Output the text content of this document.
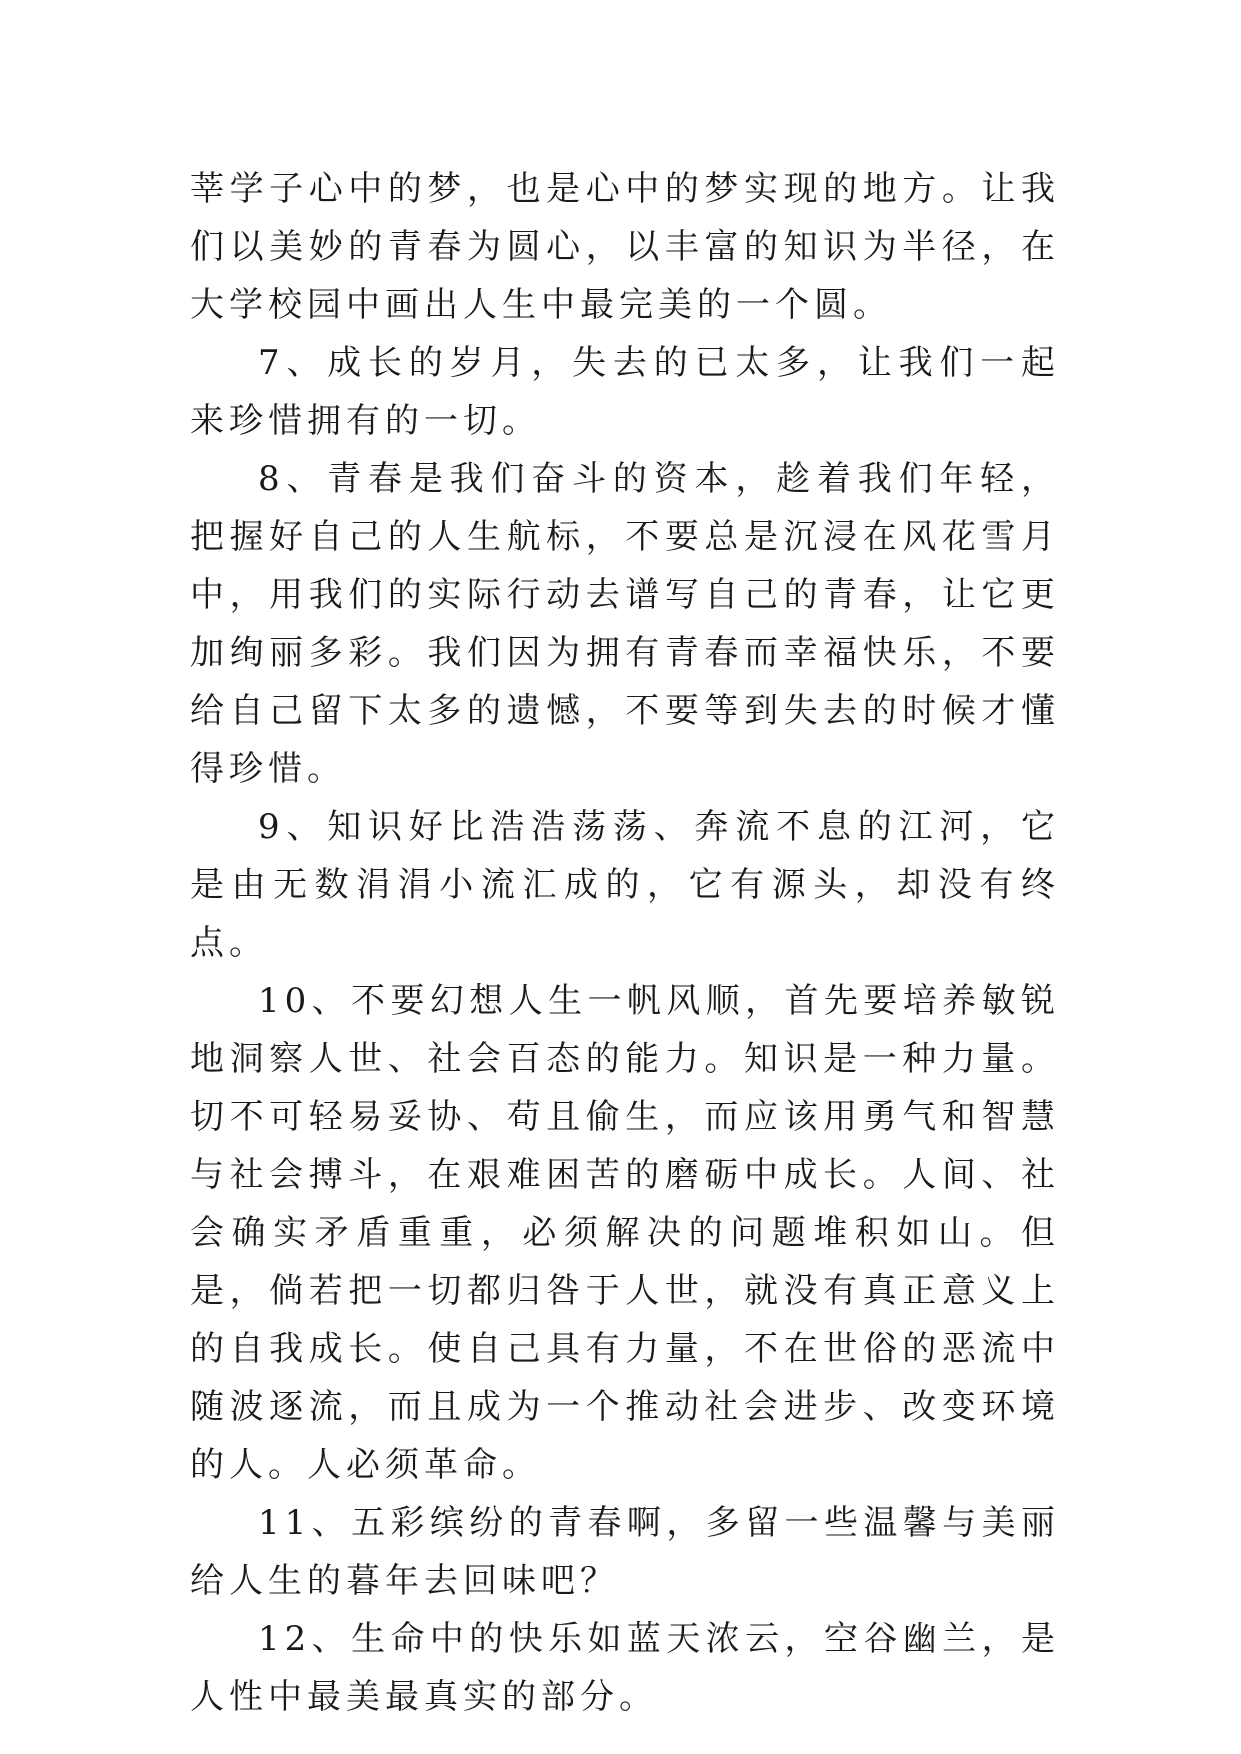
莘学子心中的梦，也是心中的梦实现的地方。让我们以美妙的青春为圆心，以丰富的知识为半径，在大学校园中画出人生中最完美的一个圆。

7、成长的岁月，失去的已太多，让我们一起来珍惜拥有的一切。

8、青春是我们奋斗的资本，趁着我们年轻，把握好自己的人生航标，不要总是沉浸在风花雪月中，用我们的实际行动去谱写自己的青春，让它更加绚丽多彩。我们因为拥有青春而幸福快乐，不要给自己留下太多的遗憾，不要等到失去的时候才懂得珍惜。

9、知识好比浩浩荡荡、奔流不息的江河，它是由无数涓涓小流汇成的，它有源头，却没有终点。

10、不要幻想人生一帆风顺，首先要培养敏锐地洞察人世、社会百态的能力。知识是一种力量。切不可轻易妥协、苟且偷生，而应该用勇气和智慧与社会搏斗，在艰难困苦的磨砺中成长。人间、社会确实矛盾重重，必须解决的问题堆积如山。但是，倘若把一切都归咎于人世，就没有真正意义上的自我成长。使自己具有力量，不在世俗的恶流中随波逐流，而且成为一个推动社会进步、改变环境的人。人必须革命。

11、五彩缤纷的青春啊，多留一些温馨与美丽给人生的暮年去回味吧？

12、生命中的快乐如蓝天浓云，空谷幽兰，是人性中最美最真实的部分。
